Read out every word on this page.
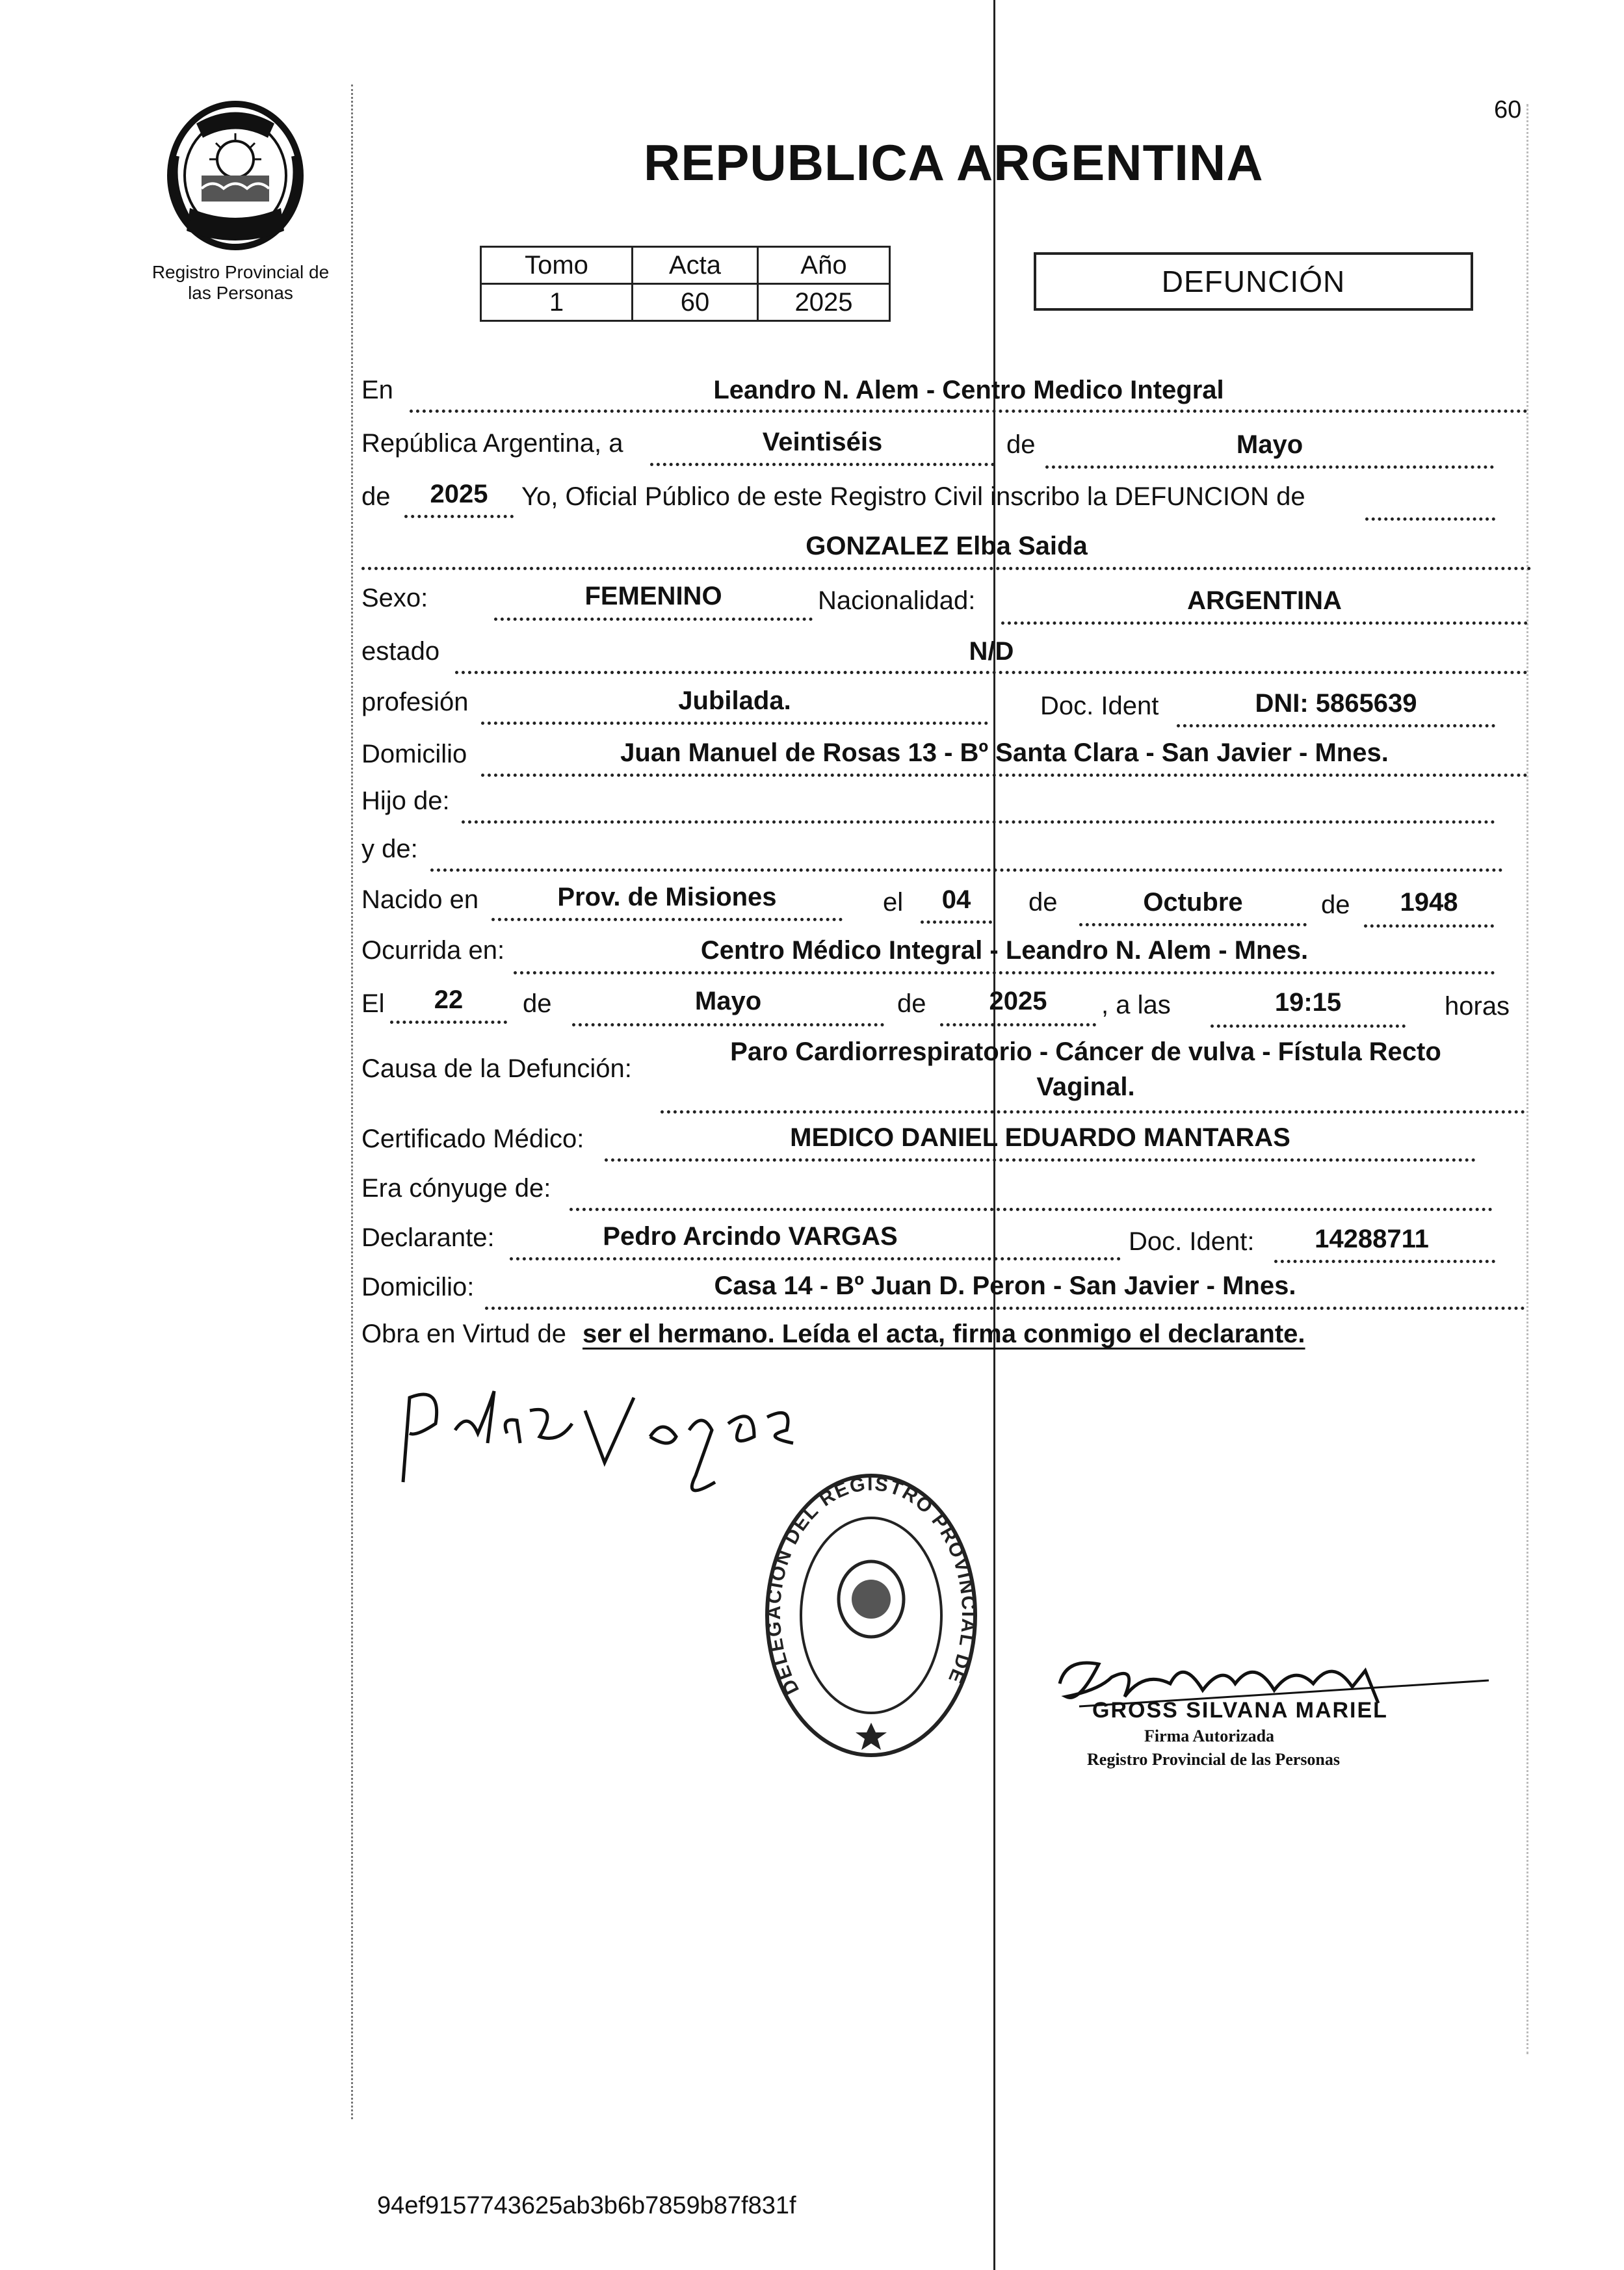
60
Registro Provincial de
las Personas
REPUBLICA ARGENTINA
Tomo	Acta	Año
1	60	2025
DEFUNCIÓN
En	Leandro N. Alem - Centro Medico Integral
República Argentina, a	Veintiséis	de	Mayo
de	2025	Yo, Oficial Público de este Registro Civil inscribo la DEFUNCION de
GONZALEZ Elba Saida
Sexo:	FEMENINO	Nacionalidad:	ARGENTINA
estado	N/D
profesión	Jubilada.	Doc. Ident	DNI: 5865639
Domicilio	Juan Manuel de Rosas 13 - Bº Santa Clara - San Javier - Mnes.
Hijo de:
y de:
Nacido en	Prov. de Misiones	el	04	de	Octubre	de	1948
Ocurrida en:	Centro Médico Integral - Leandro N. Alem - Mnes.
El	22	de	Mayo	de	2025	, a las	19:15	horas
Causa de la Defunción:
Paro Cardiorrespiratorio - Cáncer de vulva - Fístula Recto
Vaginal.
Certificado Médico:	MEDICO DANIEL EDUARDO MANTARAS
Era cónyuge de:
Declarante:	Pedro Arcindo VARGAS	Doc. Ident:	14288711
Domicilio:	Casa 14 - Bº Juan D. Peron - San Javier - Mnes.
Obra en Virtud de ser el hermano. Leída el acta, firma conmigo el declarante.
DELEGACION DEL REGISTRO PROVINCIAL DE
GROSS SILVANA MARIEL
Firma Autorizada
Registro Provincial de las Personas
94ef9157743625ab3b6b7859b87f831f
